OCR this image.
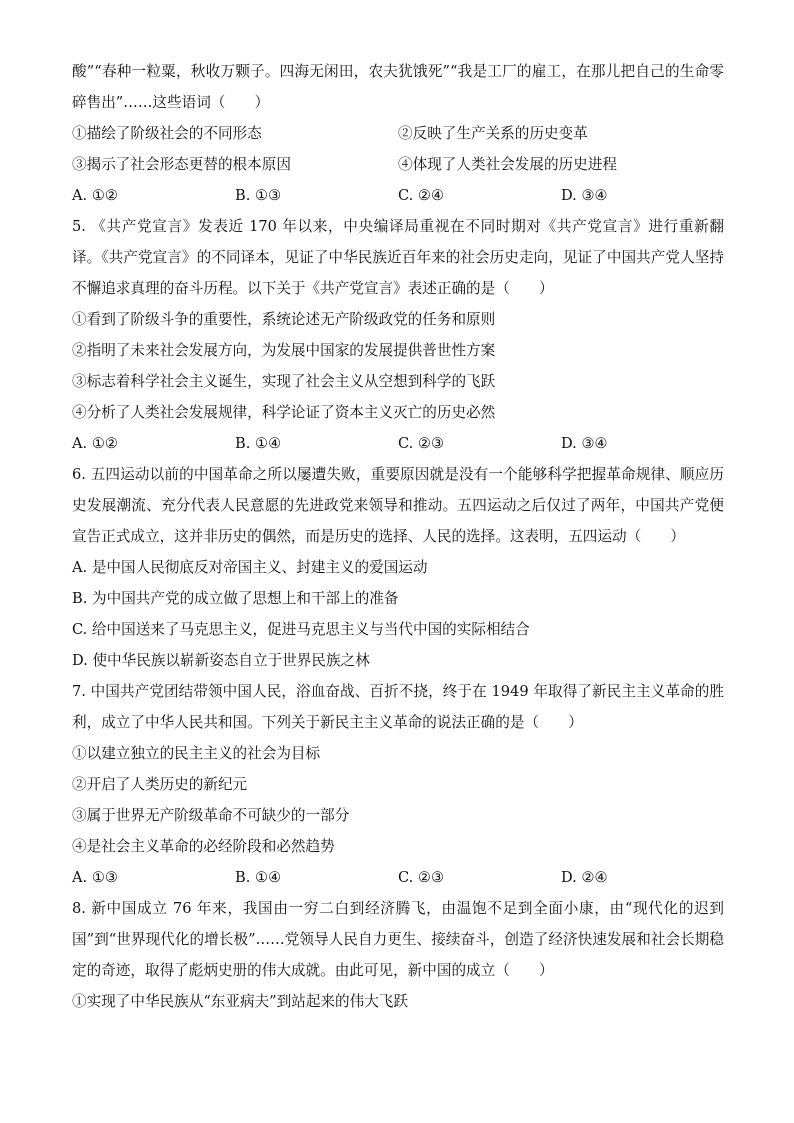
酸”“春种一粒粟，秋收万颗子。四海无闲田，农夫犹饿死”“我是工厂的雇工，在那儿把自己的生命零碎售出”……这些语词（　　）

①描绘了阶级社会的不同形态	②反映了生产关系的历史变革
③揭示了社会形态更替的根本原因	④体现了人类社会发展的历史进程
A. ①②	B. ①③	C. ②④	D. ③④

5. 《共产党宣言》发表近 170 年以来，中央编译局重视在不同时期对《共产党宣言》进行重新翻译。《共产党宣言》的不同译本，见证了中华民族近百年来的社会历史走向，见证了中国共产党人坚持不懈追求真理的奋斗历程。以下关于《共产党宣言》表述正确的是（　　）

①看到了阶级斗争的重要性，系统论述无产阶级政党的任务和原则

②指明了未来社会发展方向，为发展中国家的发展提供普世性方案

③标志着科学社会主义诞生，实现了社会主义从空想到科学的飞跃

④分析了人类社会发展规律，科学论证了资本主义灭亡的历史必然

A. ①②	B. ①④	C. ②③	D. ③④

6. 五四运动以前的中国革命之所以屡遭失败，重要原因就是没有一个能够科学把握革命规律、顺应历史发展潮流、充分代表人民意愿的先进政党来领导和推动。五四运动之后仅过了两年，中国共产党便宣告正式成立，这并非历史的偶然，而是历史的选择、人民的选择。这表明，五四运动（　　）

A. 是中国人民彻底反对帝国主义、封建主义的爱国运动

B. 为中国共产党的成立做了思想上和干部上的准备

C. 给中国送来了马克思主义，促进马克思主义与当代中国的实际相结合

D. 使中华民族以崭新姿态自立于世界民族之林

7. 中国共产党团结带领中国人民，浴血奋战、百折不挠，终于在 1949 年取得了新民主主义革命的胜利，成立了中华人民共和国。下列关于新民主主义革命的说法正确的是（　　）

①以建立独立的民主主义的社会为目标

②开启了人类历史的新纪元

③属于世界无产阶级革命不可缺少的一部分

④是社会主义革命的必经阶段和必然趋势

A. ①③	B. ①④	C. ②③	D. ②④

8. 新中国成立 76 年来，我国由一穷二白到经济腾飞，由温饱不足到全面小康，由“现代化的迟到国”到“世界现代化的增长极”……党领导人民自力更生、接续奋斗，创造了经济快速发展和社会长期稳定的奇迹，取得了彪炳史册的伟大成就。由此可见，新中国的成立（　　）

①实现了中华民族从“东亚病夫”到站起来的伟大飞跃
